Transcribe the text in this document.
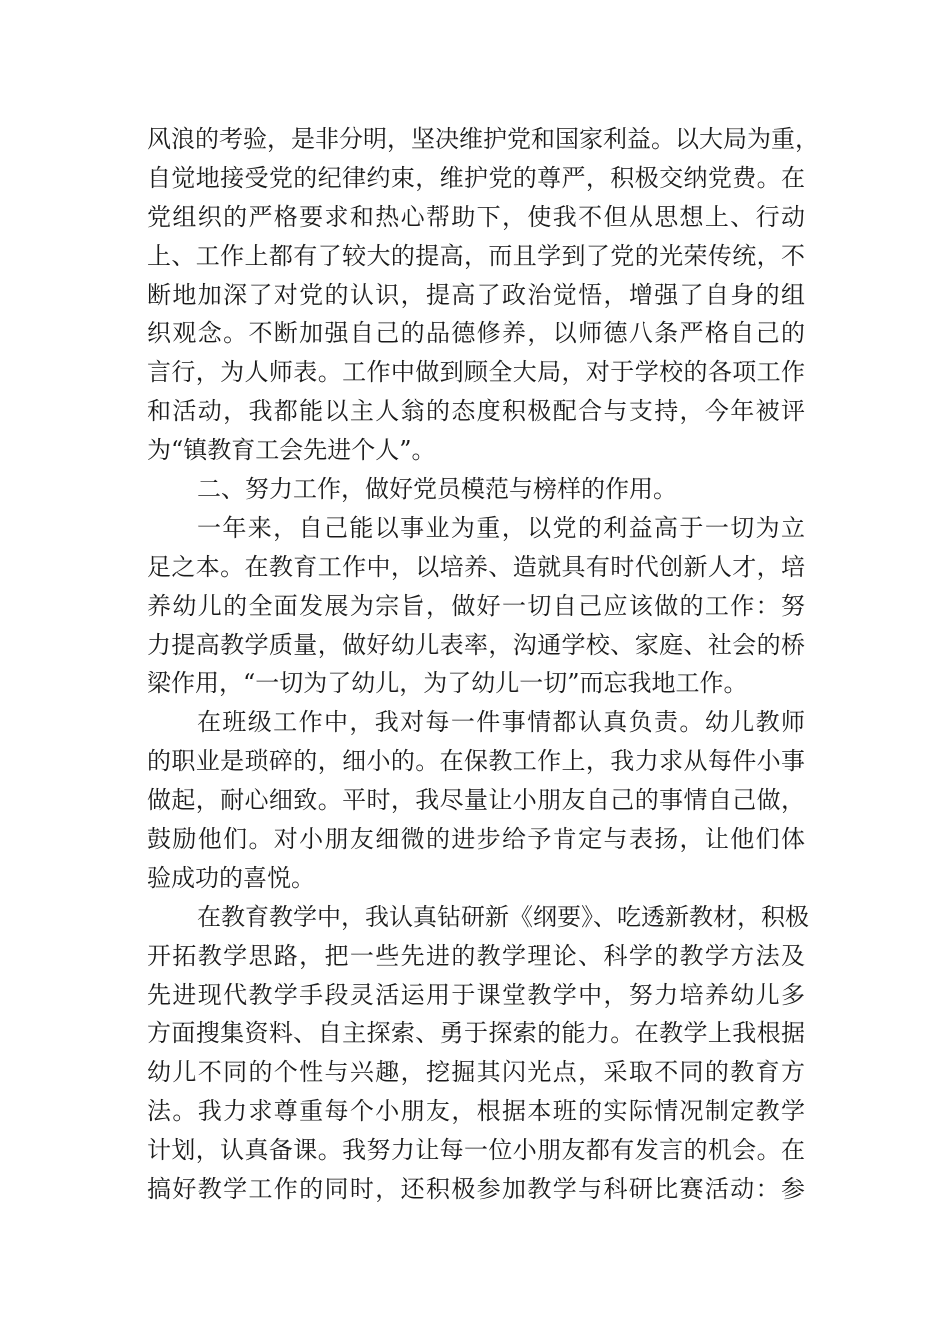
风浪的考验，是非分明，坚决维护党和国家利益。以大局为重，
自觉地接受党的纪律约束，维护党的尊严，积极交纳党费。在
党组织的严格要求和热心帮助下，使我不但从思想上、行动
上、工作上都有了较大的提高，而且学到了党的光荣传统，不
断地加深了对党的认识，提高了政治觉悟，增强了自身的组
织观念。不断加强自己的品德修养，以师德八条严格自己的
言行，为人师表。工作中做到顾全大局，对于学校的各项工作
和活动，我都能以主人翁的态度积极配合与支持，今年被评
为“镇教育工会先进个人”。
二、努力工作，做好党员模范与榜样的作用。
一年来，自己能以事业为重，以党的利益高于一切为立
足之本。在教育工作中，以培养、造就具有时代创新人才，培
养幼儿的全面发展为宗旨，做好一切自己应该做的工作：努
力提高教学质量，做好幼儿表率，沟通学校、家庭、社会的桥
梁作用，“一切为了幼儿，为了幼儿一切”而忘我地工作。
在班级工作中，我对每一件事情都认真负责。幼儿教师
的职业是琐碎的，细小的。在保教工作上，我力求从每件小事
做起，耐心细致。平时，我尽量让小朋友自己的事情自己做，
鼓励他们。对小朋友细微的进步给予肯定与表扬，让他们体
验成功的喜悦。
在教育教学中，我认真钻研新《纲要》、吃透新教材，积极
开拓教学思路，把一些先进的教学理论、科学的教学方法及
先进现代教学手段灵活运用于课堂教学中，努力培养幼儿多
方面搜集资料、自主探索、勇于探索的能力。在教学上我根据
幼儿不同的个性与兴趣，挖掘其闪光点，采取不同的教育方
法。我力求尊重每个小朋友，根据本班的实际情况制定教学
计划，认真备课。我努力让每一位小朋友都有发言的机会。在
搞好教学工作的同时，还积极参加教学与科研比赛活动：参
